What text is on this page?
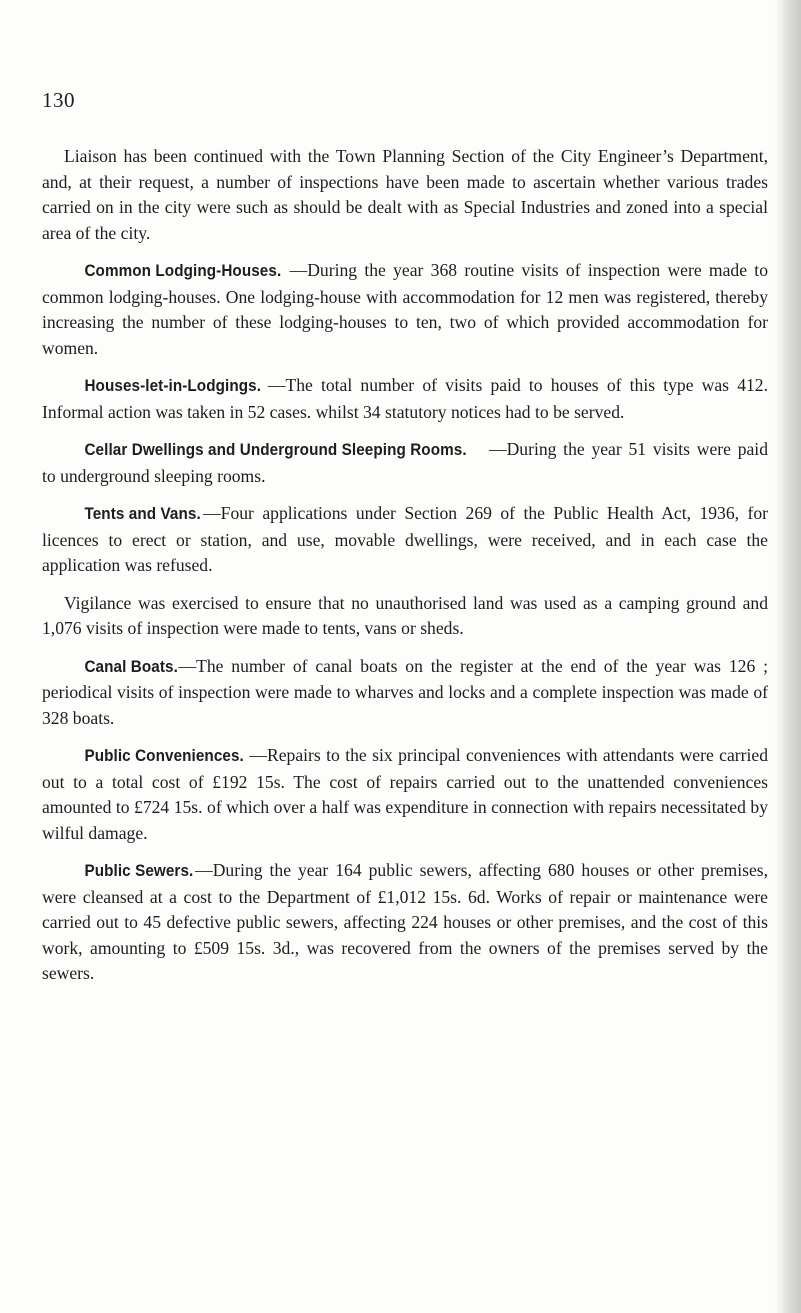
130

Liaison has been continued with the Town Planning Section of the City Engineer’s Department, and, at their request, a number of inspections have been made to ascertain whether various trades carried on in the city were such as should be dealt with as Special Industries and zoned into a special area of the city.

Common Lodging-Houses. —During the year 368 routine visits of inspection were made to common lodging-houses. One lodging-house with accommodation for 12 men was registered, thereby increasing the number of these lodging-houses to ten, two of which provided accommodation for women.

Houses-let-in-Lodgings. —The total number of visits paid to houses of this type was 412. Informal action was taken in 52 cases. whilst 34 statutory notices had to be served.

Cellar Dwellings and Underground Sleeping Rooms. —During the year 51 visits were paid to underground sleeping rooms.

Tents and Vans. —Four applications under Section 269 of the Public Health Act, 1936, for licences to erect or station, and use, movable dwellings, were received, and in each case the application was refused.

Vigilance was exercised to ensure that no unauthorised land was used as a camping ground and 1,076 visits of inspection were made to tents, vans or sheds.

Canal Boats.—The number of canal boats on the register at the end of the year was 126 ; periodical visits of inspection were made to wharves and locks and a complete inspection was made of 328 boats.

Public Conveniences. —Repairs to the six principal conveniences with attendants were carried out to a total cost of £192 15s. The cost of repairs carried out to the unattended conveniences amounted to £724 15s. of which over a half was expenditure in connection with repairs necessitated by wilful damage.

Public Sewers.—During the year 164 public sewers, affecting 680 houses or other premises, were cleansed at a cost to the Department of £1,012 15s. 6d. Works of repair or maintenance were carried out to 45 defective public sewers, affecting 224 houses or other premises, and the cost of this work, amounting to £509 15s. 3d., was recovered from the owners of the premises served by the sewers.
